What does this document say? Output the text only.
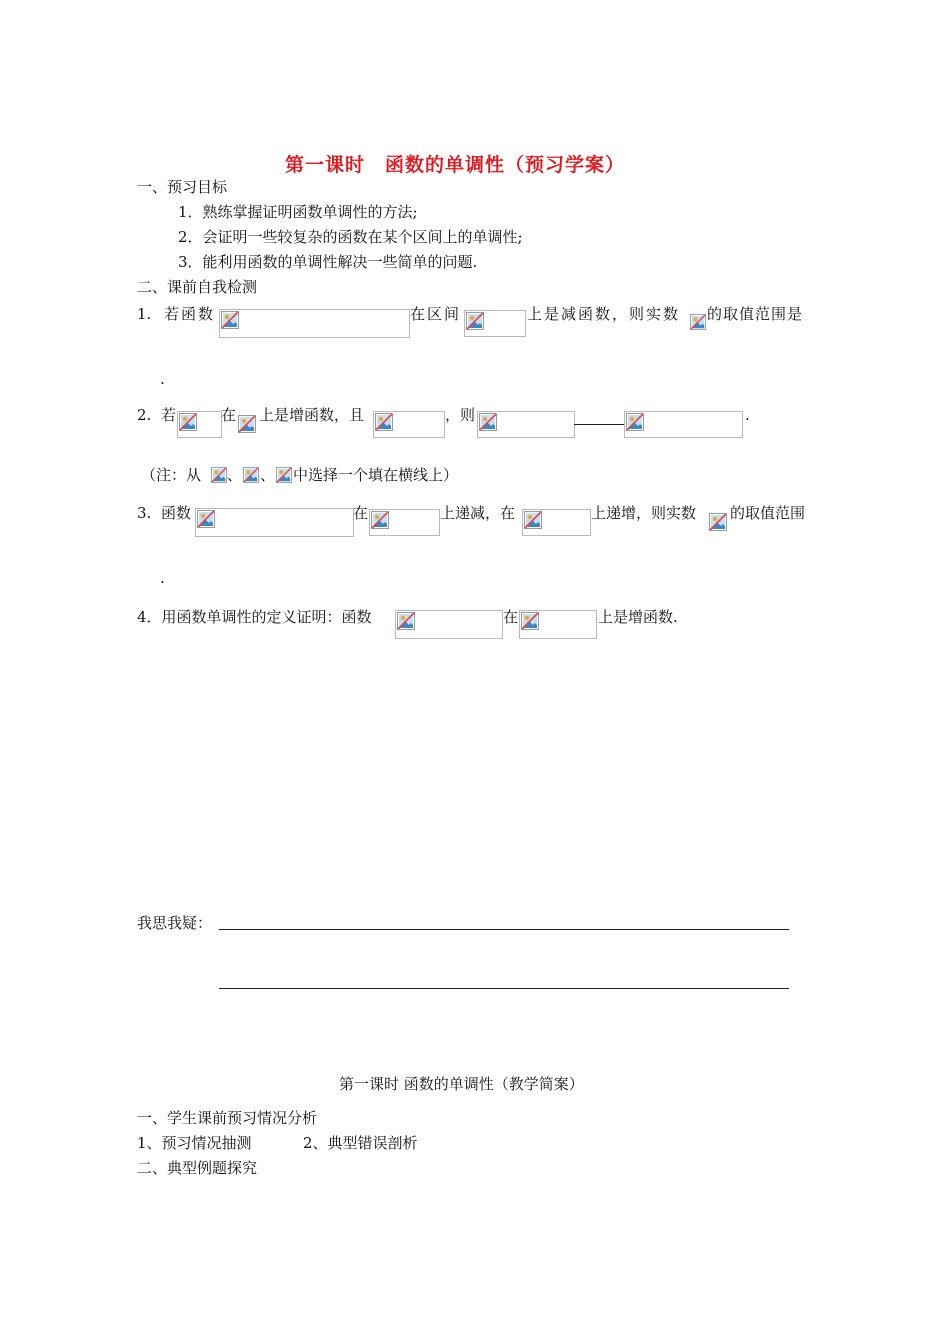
第一课时　函数的单调性（预习学案）
一、预习目标
1．熟练掌握证明函数单调性的方法;
2．会证明一些较复杂的函数在某个区间上的单调性;
3．能利用函数的单调性解决一些简单的问题.
二、课前自我检测
1. 若函数	在区间	上是减函数，则实数 的取值范围是
.
2. 若	在 上是增函数，且	，则	.
（注：从 、 、 中选择一个填在横线上）
3. 函数	在	上递减，在	上递增，则实数 的取值范围
.
4．用函数单调性的定义证明：函数	在	上是增函数.
我思我疑：
第一课时 函数的单调性（教学简案）
一、学生课前预习情况分析
1、预习情况抽测	2、典型错误剖析
二、典型例题探究
